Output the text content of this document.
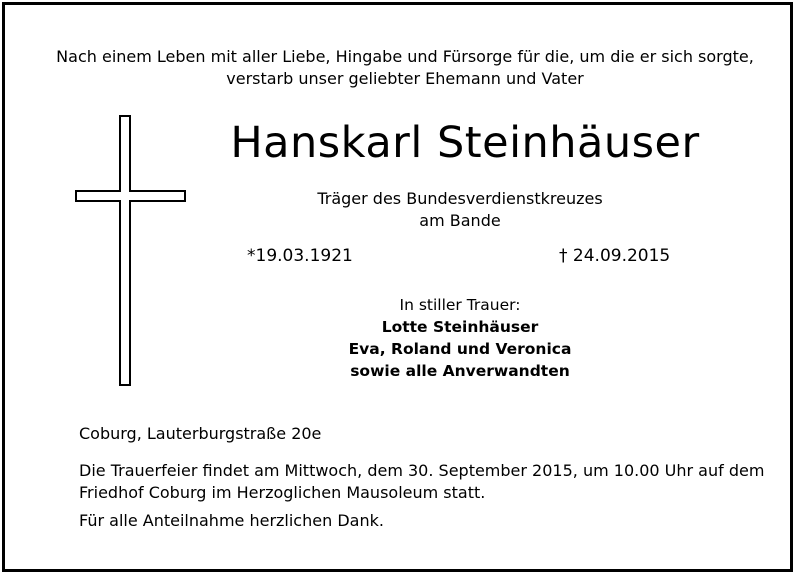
Nach einem Leben mit aller Liebe, Hingabe und Fürsorge für die, um die er sich sorgte,
verstarb unser geliebter Ehemann und Vater
Hanskarl Steinhäuser
Träger des Bundesverdienstkreuzes
am Bande
*19.03.1921	† 24.09.2015
In stiller Trauer:
Lotte Steinhäuser
Eva, Roland und Veronica
sowie alle Anverwandten
Coburg, Lauterburgstraße 20e
Die Trauerfeier findet am Mittwoch, dem 30. September 2015, um 10.00 Uhr auf dem
Friedhof Coburg im Herzoglichen Mausoleum statt.
Für alle Anteilnahme herzlichen Dank.
